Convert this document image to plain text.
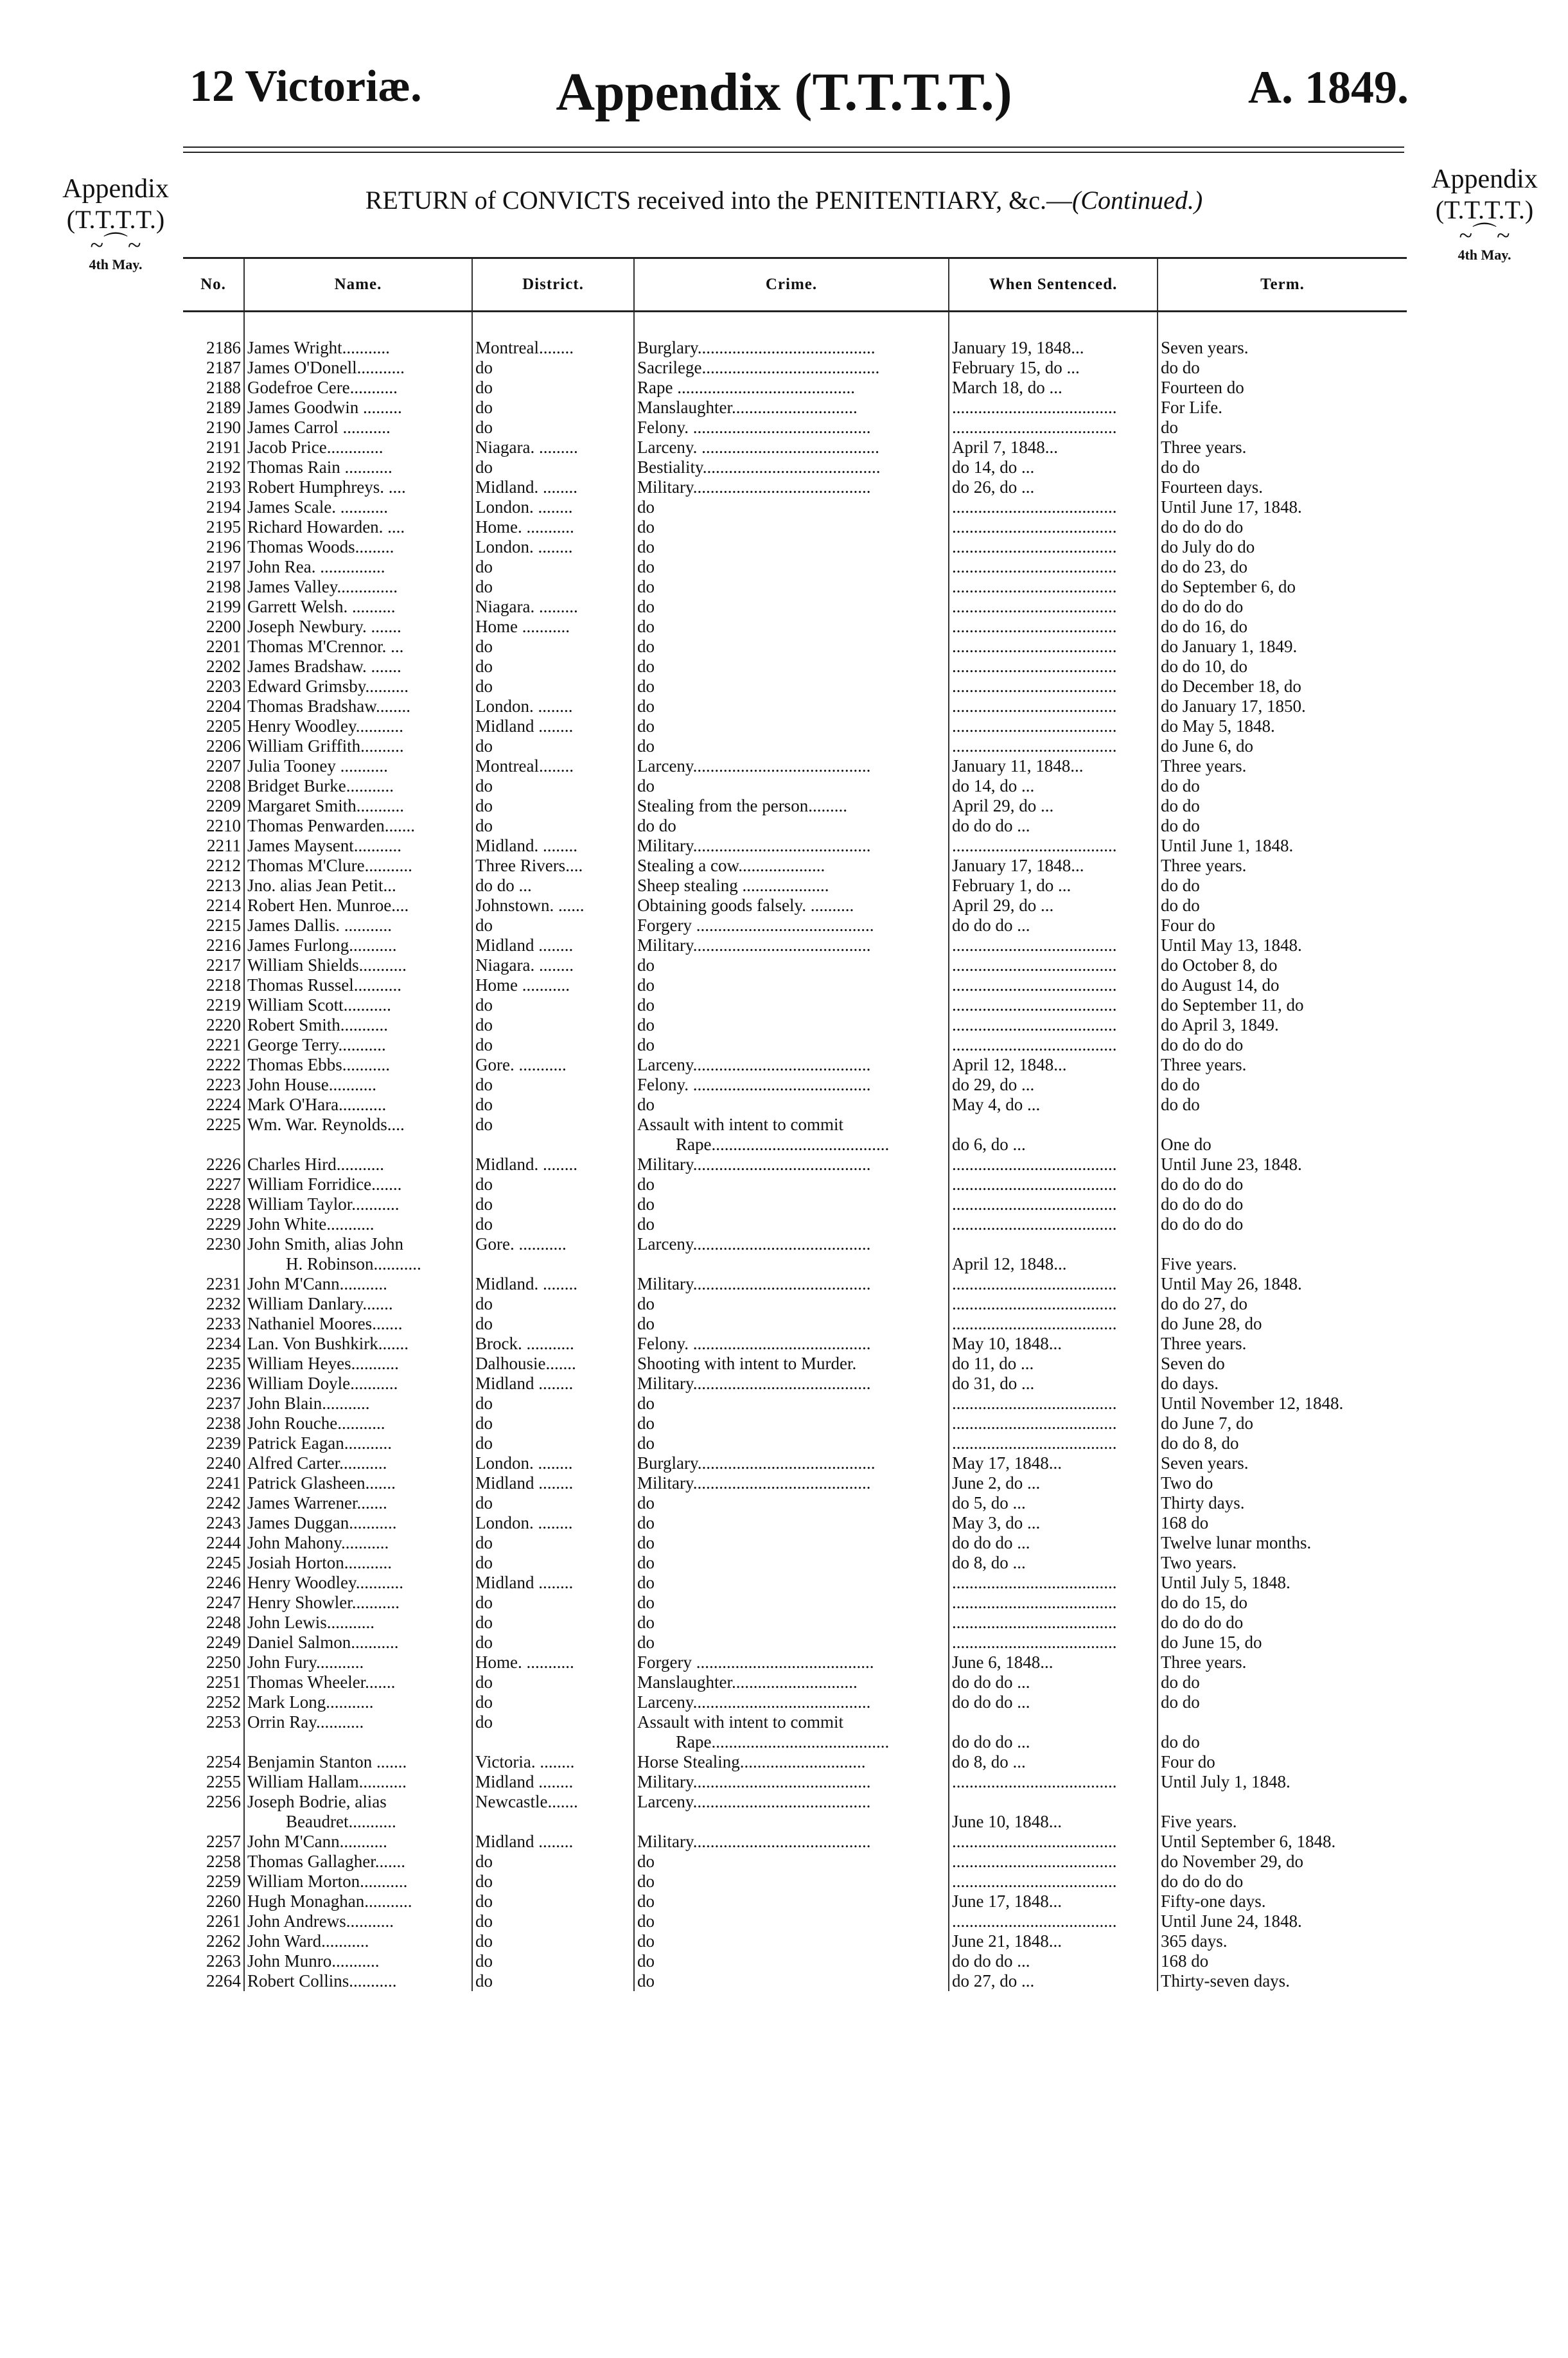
12 Victoriæ.	Appendix (T.T.T.T.)	A. 1849.
Appendix
(T.T.T.T.)
~⌒~
4th May.
Appendix
(T.T.T.T.)
~⌒~
4th May.
RETURN of CONVICTS received into the PENITENTIARY, &c.—(Continued.)
No.	Name.	District.	Crime.	When Sentenced.	Term.

2186	James Wright...........	Montreal........	Burglary.........................................	January 19, 1848...	Seven years.
2187	James O'Donell...........	do	Sacrilege.........................................	February 15, do ...	do do
2188	Godefroe Cere...........	do	Rape .........................................	March 18, do ...	Fourteen do
2189	James Goodwin .........	do	Manslaughter.............................	......................................	For Life.
2190	James Carrol ...........	do	Felony. .........................................	......................................	do
2191	Jacob Price.............	Niagara. .........	Larceny. .........................................	April 7, 1848...	Three years.
2192	Thomas Rain ...........	do	Bestiality.........................................	do 14, do ...	do do
2193	Robert Humphreys. ....	Midland. ........	Military.........................................	do 26, do ...	Fourteen days.
2194	James Scale. ...........	London. ........	do	......................................	Until June 17, 1848.
2195	Richard Howarden. ....	Home. ...........	do	......................................	do do do do
2196	Thomas Woods.........	London. ........	do	......................................	do July do do
2197	John Rea. ...............	do	do	......................................	do do 23, do
2198	James Valley..............	do	do	......................................	do September 6, do
2199	Garrett Welsh. ..........	Niagara. .........	do	......................................	do do do do
2200	Joseph Newbury. .......	Home ...........	do	......................................	do do 16, do
2201	Thomas M'Crennor. ...	do	do	......................................	do January 1, 1849.
2202	James Bradshaw. .......	do	do	......................................	do do 10, do
2203	Edward Grimsby..........	do	do	......................................	do December 18, do
2204	Thomas Bradshaw........	London. ........	do	......................................	do January 17, 1850.
2205	Henry Woodley...........	Midland ........	do	......................................	do May 5, 1848.
2206	William Griffith..........	do	do	......................................	do June 6, do
2207	Julia Tooney ...........	Montreal........	Larceny.........................................	January 11, 1848...	Three years.
2208	Bridget Burke...........	do	do	do 14, do ...	do do
2209	Margaret Smith...........	do	Stealing from the person.........	April 29, do ...	do do
2210	Thomas Penwarden.......	do	do do	do do do ...	do do
2211	James Maysent...........	Midland. ........	Military.........................................	......................................	Until June 1, 1848.
2212	Thomas M'Clure...........	Three Rivers....	Stealing a cow....................	January 17, 1848...	Three years.
2213	Jno. alias Jean Petit...	do do ...	Sheep stealing ....................	February 1, do ...	do do
2214	Robert Hen. Munroe....	Johnstown. ......	Obtaining goods falsely. ..........	April 29, do ...	do do
2215	James Dallis. ...........	do	Forgery .........................................	do do do ...	Four do
2216	James Furlong...........	Midland ........	Military.........................................	......................................	Until May 13, 1848.
2217	William Shields...........	Niagara. ........	do	......................................	do October 8, do
2218	Thomas Russel...........	Home ...........	do	......................................	do August 14, do
2219	William Scott...........	do	do	......................................	do September 11, do
2220	Robert Smith...........	do	do	......................................	do April 3, 1849.
2221	George Terry...........	do	do	......................................	do do do do
2222	Thomas Ebbs...........	Gore. ...........	Larceny.........................................	April 12, 1848...	Three years.
2223	John House...........	do	Felony. .........................................	do 29, do ...	do do
2224	Mark O'Hara...........	do	do	May 4, do ...	do do
2225	Wm. War. Reynolds....	do	Assault with intent to commit
Rape.........................................	do 6, do ...	One do
2226	Charles Hird...........	Midland. ........	Military.........................................	......................................	Until June 23, 1848.
2227	William Forridice.......	do	do	......................................	do do do do
2228	William Taylor...........	do	do	......................................	do do do do
2229	John White...........	do	do	......................................	do do do do
2230	John Smith, alias John
H. Robinson...........	Gore. ...........	Larceny.........................................	April 12, 1848...	Five years.
2231	John M'Cann...........	Midland. ........	Military.........................................	......................................	Until May 26, 1848.
2232	William Danlary.......	do	do	......................................	do do 27, do
2233	Nathaniel Moores.......	do	do	......................................	do June 28, do
2234	Lan. Von Bushkirk.......	Brock. ...........	Felony. .........................................	May 10, 1848...	Three years.
2235	William Heyes...........	Dalhousie.......	Shooting with intent to Murder.	do 11, do ...	Seven do
2236	William Doyle...........	Midland ........	Military.........................................	do 31, do ...	do days.
2237	John Blain...........	do	do	......................................	Until November 12, 1848.
2238	John Rouche...........	do	do	......................................	do June 7, do
2239	Patrick Eagan...........	do	do	......................................	do do 8, do
2240	Alfred Carter...........	London. ........	Burglary.........................................	May 17, 1848...	Seven years.
2241	Patrick Glasheen.......	Midland ........	Military.........................................	June 2, do ...	Two do
2242	James Warrener.......	do	do	do 5, do ...	Thirty days.
2243	James Duggan...........	London. ........	do	May 3, do ...	168 do
2244	John Mahony...........	do	do	do do do ...	Twelve lunar months.
2245	Josiah Horton...........	do	do	do 8, do ...	Two years.
2246	Henry Woodley...........	Midland ........	do	......................................	Until July 5, 1848.
2247	Henry Showler...........	do	do	......................................	do do 15, do
2248	John Lewis...........	do	do	......................................	do do do do
2249	Daniel Salmon...........	do	do	......................................	do June 15, do
2250	John Fury...........	Home. ...........	Forgery .........................................	June 6, 1848...	Three years.
2251	Thomas Wheeler.......	do	Manslaughter.............................	do do do ...	do do
2252	Mark Long...........	do	Larceny.........................................	do do do ...	do do
2253	Orrin Ray...........	do	Assault with intent to commit
Rape.........................................	do do do ...	do do
2254	Benjamin Stanton .......	Victoria. ........	Horse Stealing.............................	do 8, do ...	Four do
2255	William Hallam...........	Midland ........	Military.........................................	......................................	Until July 1, 1848.
2256	Joseph Bodrie, alias
Beaudret...........	Newcastle.......	Larceny.........................................	June 10, 1848...	Five years.
2257	John M'Cann...........	Midland ........	Military.........................................	......................................	Until September 6, 1848.
2258	Thomas Gallagher.......	do	do	......................................	do November 29, do
2259	William Morton...........	do	do	......................................	do do do do
2260	Hugh Monaghan...........	do	do	June 17, 1848...	Fifty-one days.
2261	John Andrews...........	do	do	......................................	Until June 24, 1848.
2262	John Ward...........	do	do	June 21, 1848...	365 days.
2263	John Munro...........	do	do	do do do ...	168 do
2264	Robert Collins...........	do	do	do 27, do ...	Thirty-seven days.
